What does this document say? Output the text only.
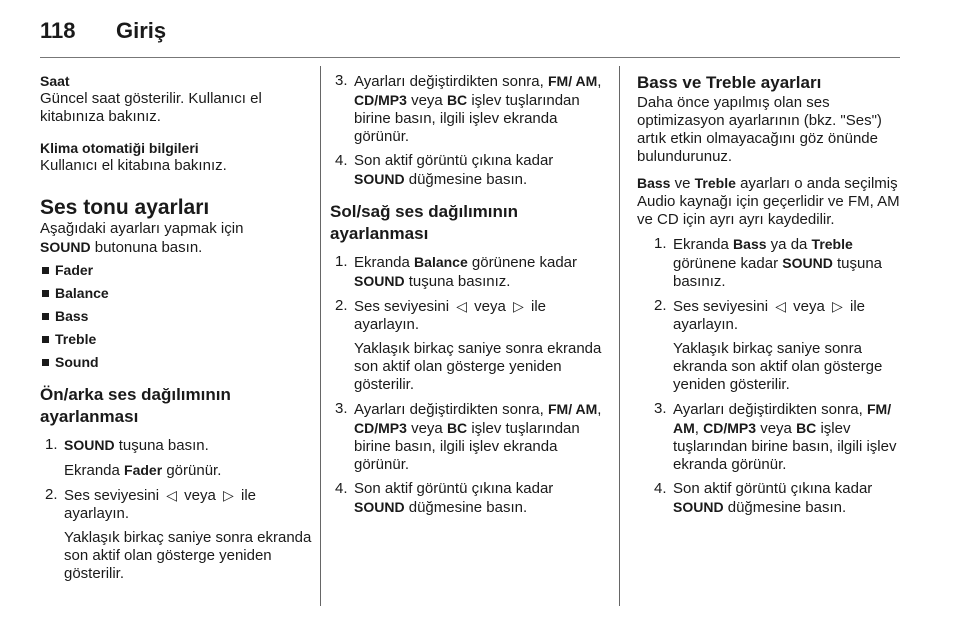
118 Giriş

Saat

Güncel saat gösterilir. Kullanıcı el kitabınıza bakınız.

Klima otomatiği bilgileri

Kullanıcı el kitabına bakınız.

Ses tonu ayarları

Aşağıdaki ayarları yapmak için
SOUND butonuna basın.

Fader
Balance
Bass
Treble
Sound

Ön/arka ses dağılımının
ayarlanması

1. SOUND tuşuna basın.

Ekranda Fader görünür.

2. Ses seviyesini ◁ veya ▷ ile ayarlayın.

Yaklaşık birkaç saniye sonra ekranda son aktif olan gösterge yeniden gösterilir.

3. Ayarları değiştirdikten sonra, FM/ AM, CD/MP3 veya BC işlev tuşlarından birine basın, ilgili işlev ekranda görünür.
4. Son aktif görüntü çıkına kadar SOUND düğmesine basın.

Sol/sağ ses dağılımının
ayarlanması

1. Ekranda Balance görünene kadar SOUND tuşuna basınız.
2. Ses seviyesini ◁ veya ▷ ile ayarlayın.

Yaklaşık birkaç saniye sonra ekranda son aktif olan gösterge yeniden gösterilir.

3. Ayarları değiştirdikten sonra, FM/ AM, CD/MP3 veya BC işlev tuşlarından birine basın, ilgili işlev ekranda görünür.
4. Son aktif görüntü çıkına kadar SOUND düğmesine basın.

Bass ve Treble ayarları

Daha önce yapılmış olan ses optimizasyon ayarlarının (bkz. "Ses") artık etkin olmayacağını göz önünde bulundurunuz.

Bass ve Treble ayarları o anda seçilmiş Audio kaynağı için geçerlidir ve FM, AM ve CD için ayrı ayrı kaydedilir.

1. Ekranda Bass ya da Treble görünene kadar SOUND tuşuna basınız.
2. Ses seviyesini ◁ veya ▷ ile ayarlayın.

Yaklaşık birkaç saniye sonra ekranda son aktif olan gösterge yeniden gösterilir.

3. Ayarları değiştirdikten sonra, FM/ AM, CD/MP3 veya BC işlev tuşlarından birine basın, ilgili işlev ekranda görünür.
4. Son aktif görüntü çıkına kadar SOUND düğmesine basın.
